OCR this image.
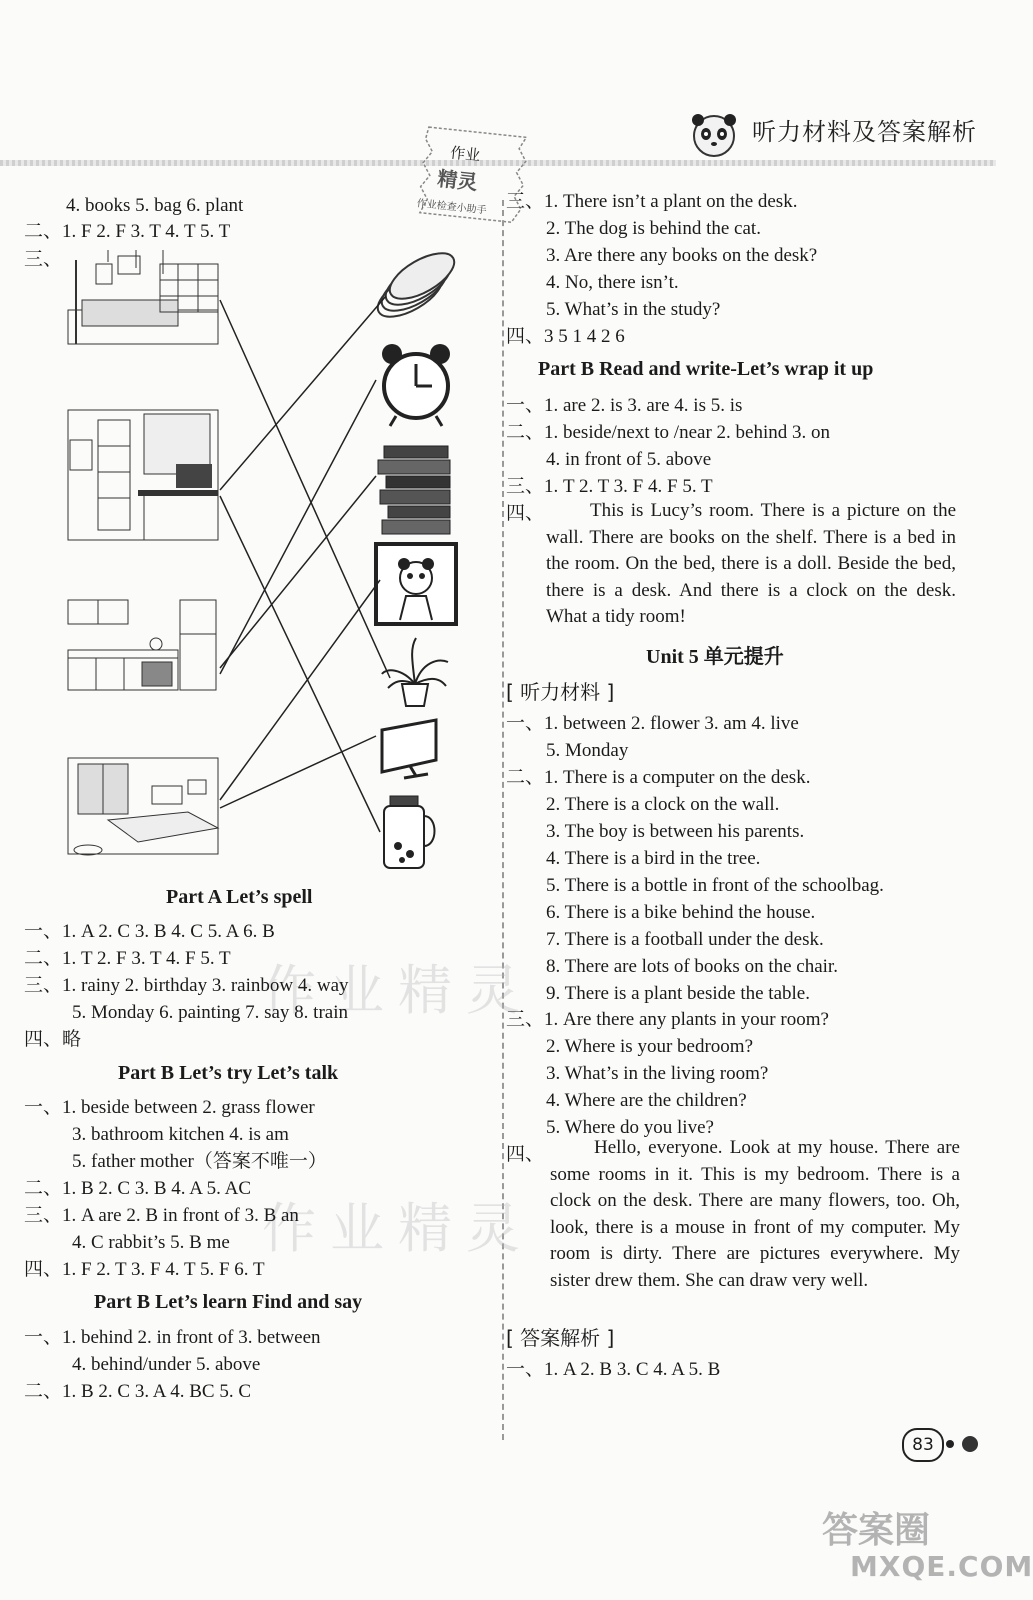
听力材料及答案解析
作业
精灵
作业检查小助手
作业精灵
作业精灵
4. books 5. bag 6. plant
二、1. F 2. F 3. T 4. T 5. T
三、
Part A Let’s spell
一、1. A 2. C 3. B 4. C 5. A 6. B
二、1. T 2. F 3. T 4. F 5. T
三、1. rainy 2. birthday 3. rainbow 4. way
5. Monday 6. painting 7. say 8. train
四、略
Part B Let’s try Let’s talk
一、1. beside between 2. grass flower
3. bathroom kitchen 4. is am
5. father mother（答案不唯一）
二、1. B 2. C 3. B 4. A 5. AC
三、1. A are 2. B in front of 3. B an
4. C rabbit’s 5. B me
四、1. F 2. T 3. F 4. T 5. F 6. T
Part B Let’s learn Find and say
一、1. behind 2. in front of 3. between
4. behind/under 5. above
二、1. B 2. C 3. A 4. BC 5. C
三、1. There isn’t a plant on the desk.
2. The dog is behind the cat.
3. Are there any books on the desk?
4. No, there isn’t.
5. What’s in the study?
四、3 5 1 4 2 6
Part B Read and write-Let’s wrap it up
一、1. are 2. is 3. are 4. is 5. is
二、1. beside/next to /near 2. behind 3. on
4. in front of 5. above
三、1. T 2. T 3. F 4. F 5. T
四、	This is Lucy’s room. There is a picture on the wall. There are books on the shelf. There is a bed in the room. On the bed, there is a doll. Beside the bed, there is a desk. And there is a clock on the desk. What a tidy room!
Unit 5 单元提升
[ 听力材料 ]
一、1. between 2. flower 3. am 4. live
5. Monday
二、1. There is a computer on the desk.
2. There is a clock on the wall.
3. The boy is between his parents.
4. There is a bird in the tree.
5. There is a bottle in front of the schoolbag.
6. There is a bike behind the house.
7. There is a football under the desk.
8. There are lots of books on the chair.
9. There is a plant beside the table.
三、1. Are there any plants in your room?
2. Where is your bedroom?
3. What’s in the living room?
4. Where are the children?
5. Where do you live?
四、	Hello, everyone. Look at my house. There are some rooms in it. This is my bedroom. There is a clock on the desk. There are many flowers, too. Oh, look, there is a mouse in front of my computer. My room is dirty. There are pictures everywhere. My sister drew them. She can draw very well.
[ 答案解析 ]
一、1. A 2. B 3. C 4. A 5. B
83
答案圈
MXQE.COM
